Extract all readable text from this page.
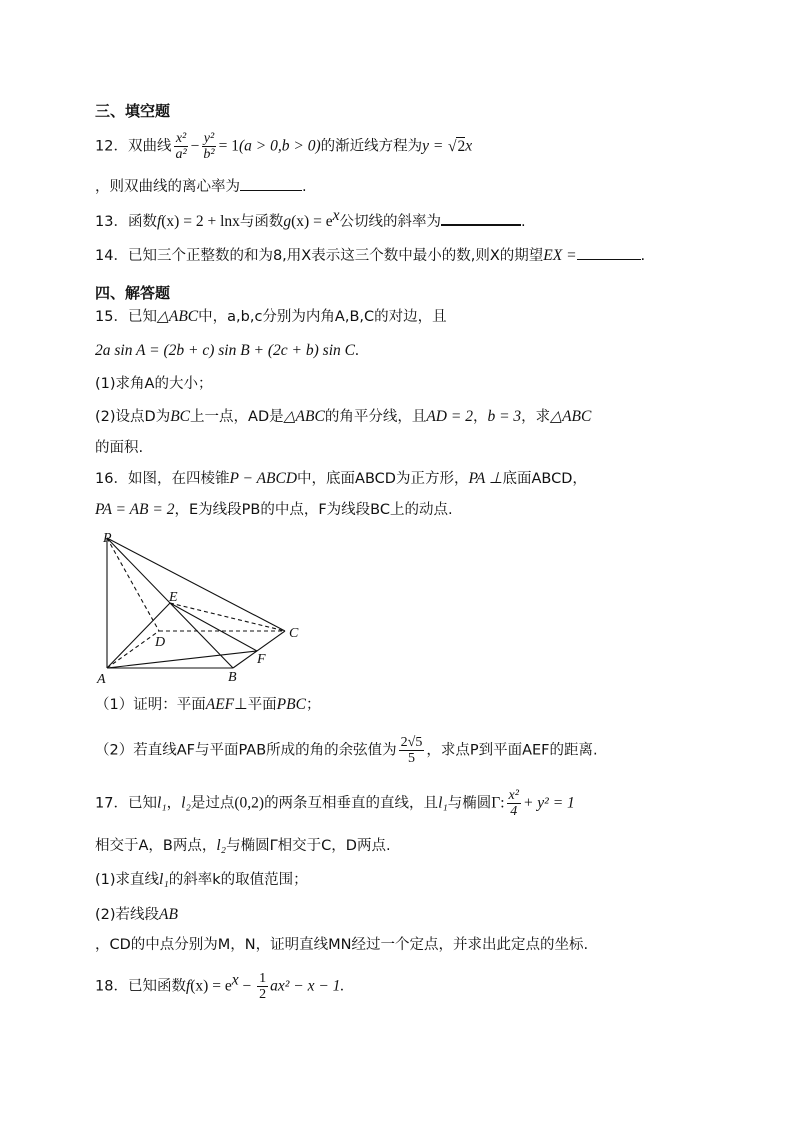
三、填空题
12．双曲线 $\frac{\text{x²}}{\text{a²}} - \frac{\text{y²}}{\text{b²}} = 1(a > 0,b > 0)$的渐近线方程为y = √2x
，则双曲线的离心率为	.
13．函数f(x) = 2 + lnx与函数$g(x) = e^x$公切线的斜率为	.
14．已知三个正整数的和为8,用X表示这三个数中最小的数,则X的期望EX =	.
四、解答题
15．已知△ABC中，a,b,c分别为内角A,B,C的对边，且
2a sin A = (2b + c) sin B + (2c + b) sin C.
(1)求角A的大小；
(2)设点D为BC上一点，AD是△ABC的角平分线，且AD = 2，b = 3，求△ABC
的面积.
16．如图，在四棱锥P − ABCD中，底面ABCD为正方形，PA ⊥底面ABCD，
PA = AB = 2，E为线段PB的中点，F为线段BC上的动点.
P
E
C
D
F
A	B
（1）证明：平面AEF⊥平面PBC；
（2）若直线AF与平面PAB所成的角的余弦值为 $\frac{2√5}{5}$ ，求点P到平面AEF的距离.
17．已知l₁，l₂是过点(0,2)的两条互相垂直的直线，且l₁与椭圆Γ: $\frac{\text{x²}}{4} + y^2 = 1$
相交于A，B两点，l₂与椭圆Γ相交于C，D两点.
(1)求直线l₁的斜率k的取值范围；
(2)若线段AB
，CD的中点分别为M，N，证明直线MN经过一个定点，并求出此定点的坐标.
18．已知函数$f(x) = e^x - \frac{1}{2} ax^2 - x - 1$.
